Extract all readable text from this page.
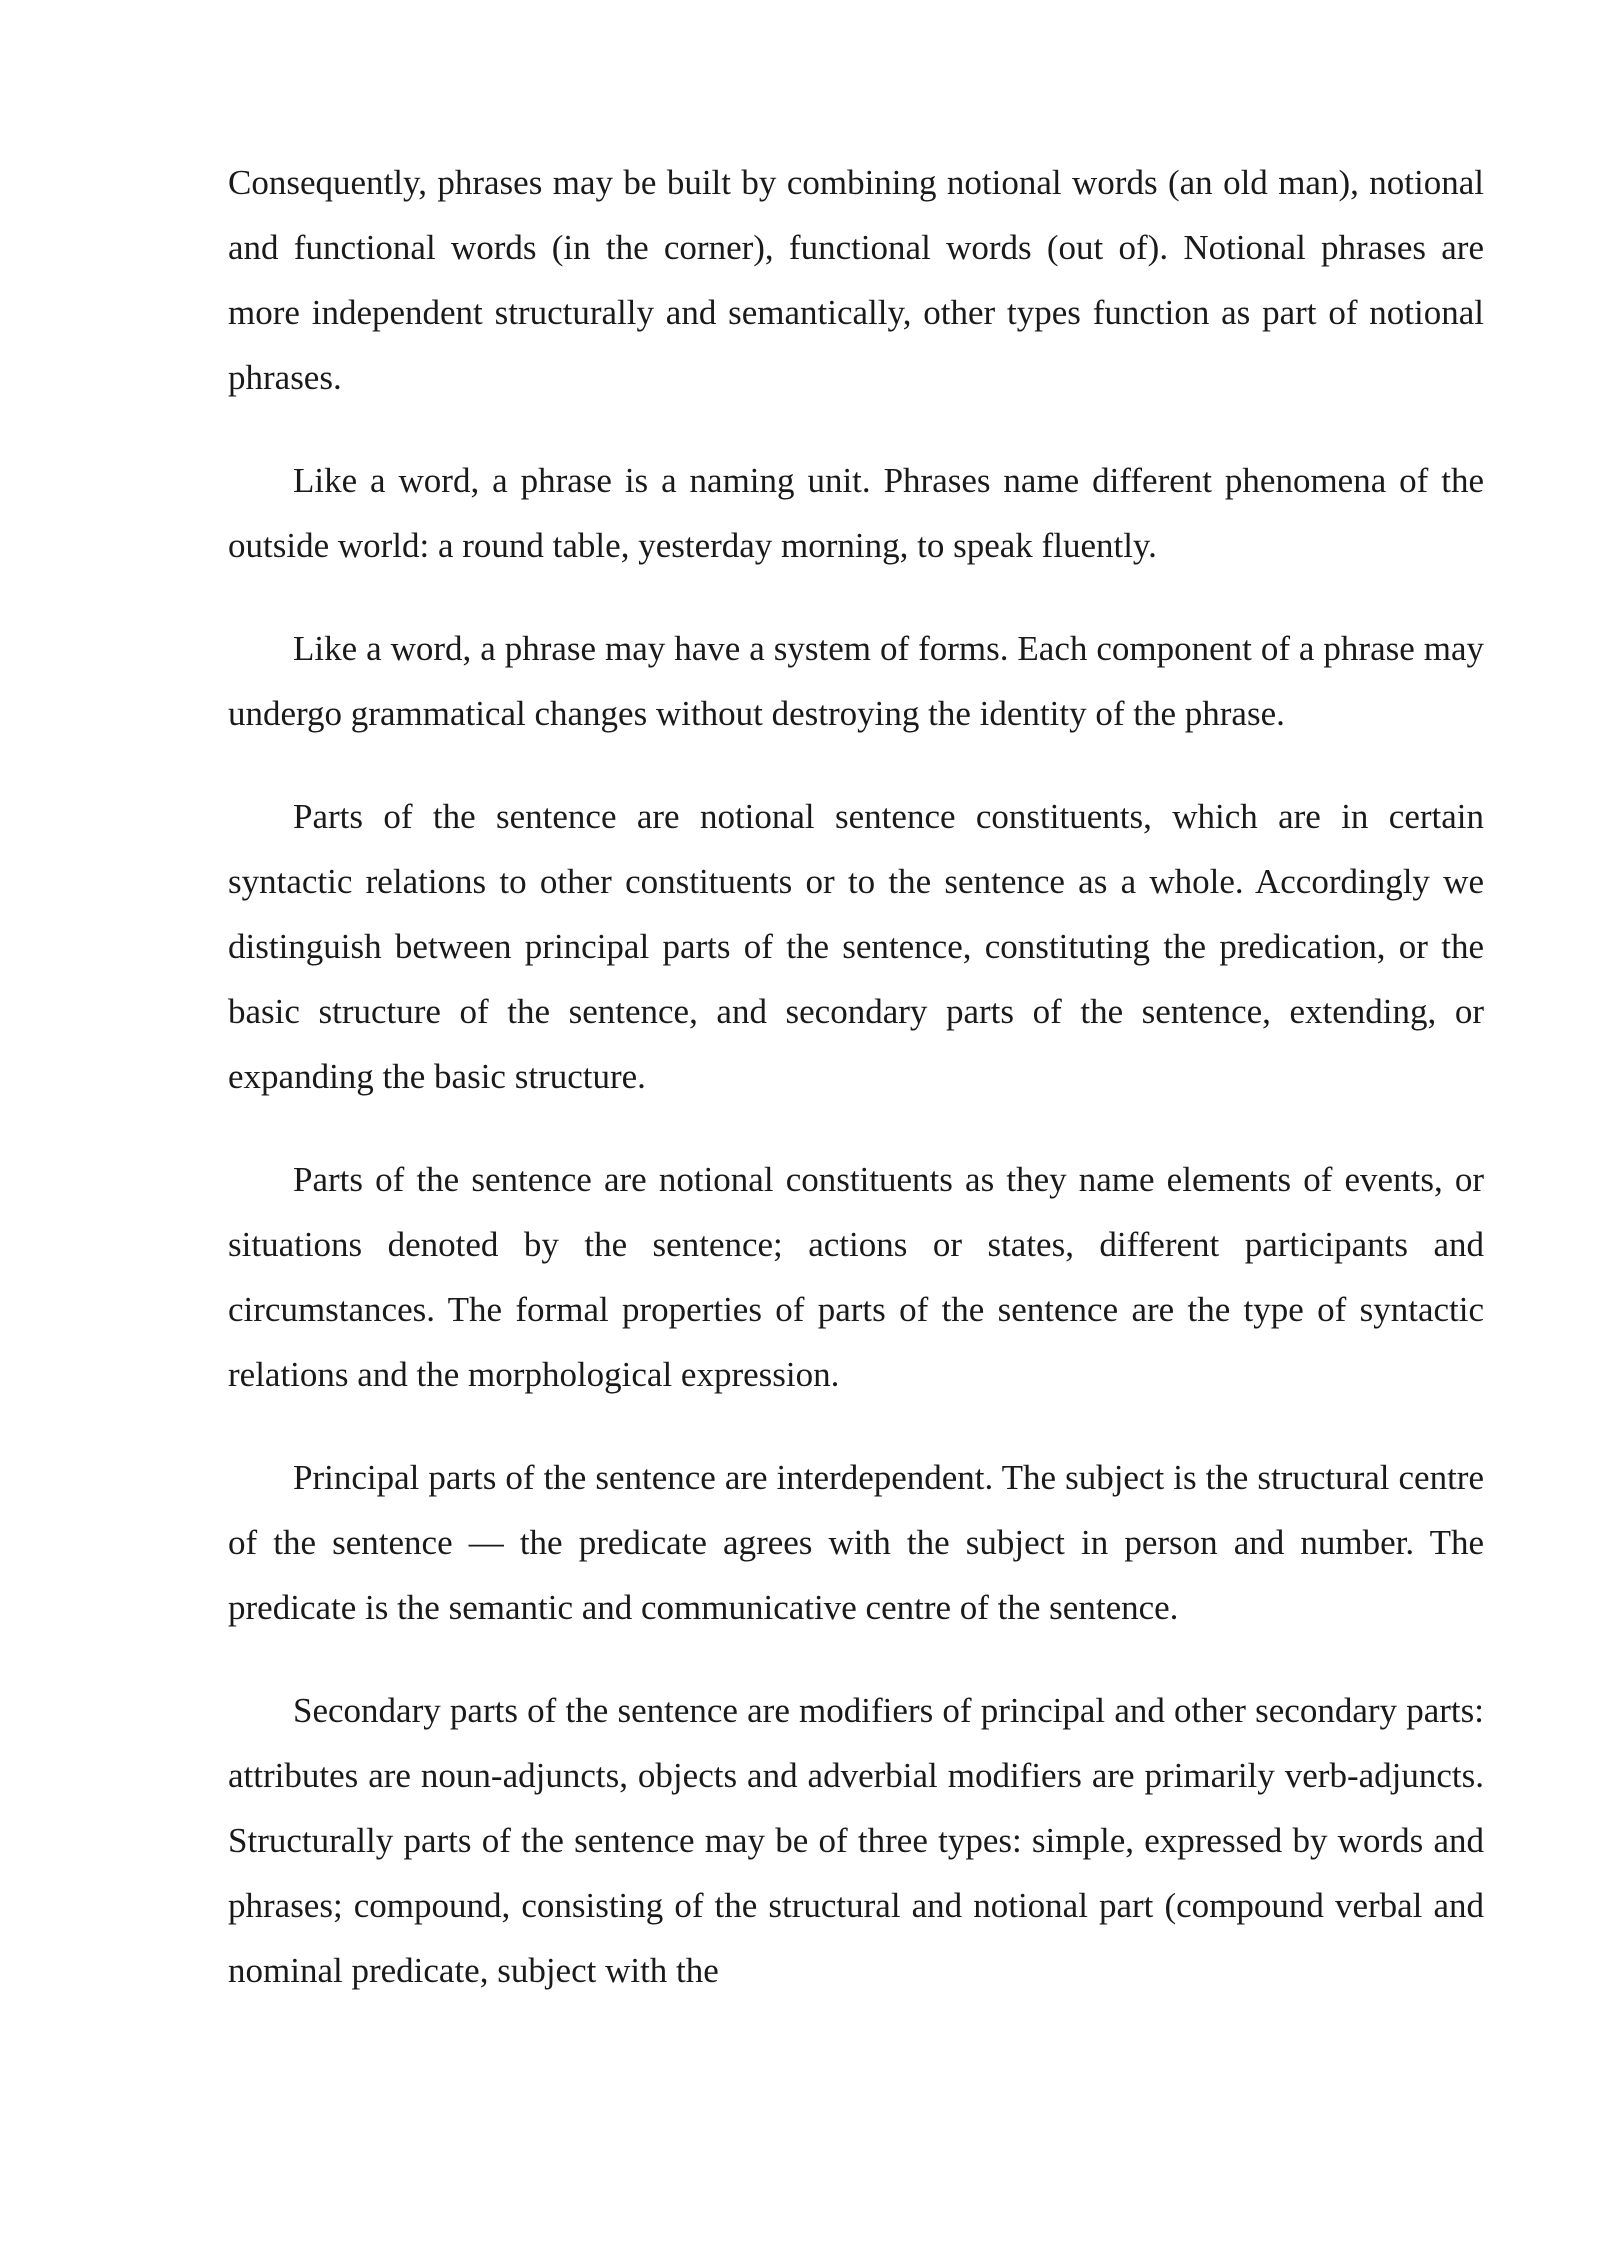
Consequently, phrases may be built by combining notional words (an old man), notional and functional words (in the corner), functional words (out of). Notional phrases are more independent structurally and semantically, other types function as part of notional phrases.

Like a word, a phrase is a naming unit. Phrases name different phenomena of the outside world: a round table, yesterday morning, to speak fluently.

Like a word, a phrase may have a system of forms. Each component of a phrase may undergo grammatical changes without destroying the identity of the phrase.

Parts of the sentence are notional sentence constituents, which are in certain syntactic relations to other constituents or to the sentence as a whole. Accordingly we distinguish between principal parts of the sentence, constituting the predication, or the basic structure of the sentence, and secondary parts of the sentence, extending, or expanding the basic structure.

Parts of the sentence are notional constituents as they name elements of events, or situations denoted by the sentence; actions or states, different participants and circumstances. The formal properties of parts of the sentence are the type of syntactic relations and the morphological expression.

Principal parts of the sentence are interdependent. The subject is the structural centre of the sentence — the predicate agrees with the subject in person and number. The predicate is the semantic and communicative centre of the sentence.

Secondary parts of the sentence are modifiers of principal and other secondary parts: attributes are noun-adjuncts, objects and adverbial modifiers are primarily verb-adjuncts. Structurally parts of the sentence may be of three types: simple, expressed by words and phrases; compound, consisting of the structural and notional part (compound verbal and nominal predicate, subject with the
